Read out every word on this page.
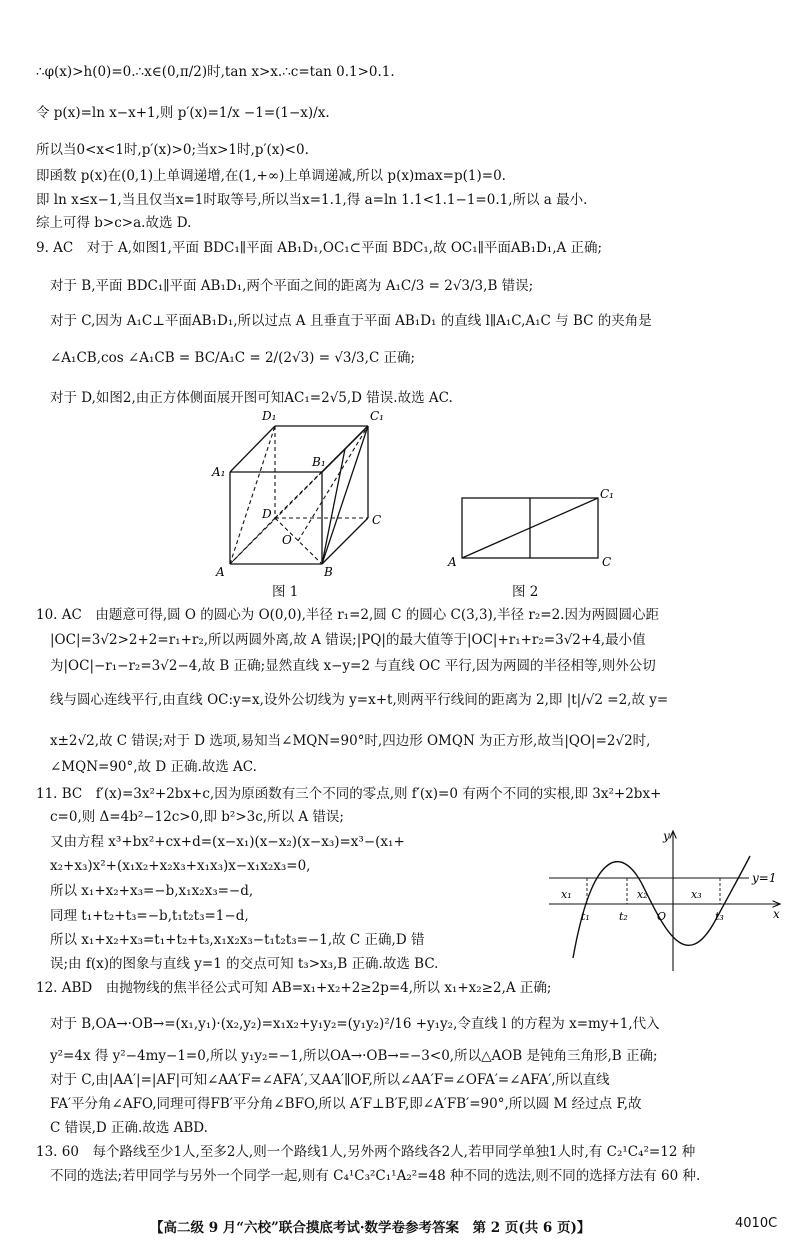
∴φ(x)>h(0)=0.∴x∈(0,π/2)时,tan x>x.∴c=tan 0.1>0.1.
令 p(x)=ln x−x+1,则 p′(x)=1/x −1=(1−x)/x.
所以当0<x<1时,p′(x)>0;当x>1时,p′(x)<0.
即函数 p(x)在(0,1)上单调递增,在(1,+∞)上单调递减,所以 p(x)max=p(1)=0.
即 ln x≤x−1,当且仅当x=1时取等号,所以当x=1.1,得 a=ln 1.1<1.1−1=0.1,所以 a 最小.
综上可得 b>c>a.故选 D.
9. AC　对于 A,如图1,平面 BDC₁∥平面 AB₁D₁,OC₁⊂平面 BDC₁,故 OC₁∥平面AB₁D₁,A 正确;
对于 B,平面 BDC₁∥平面 AB₁D₁,两个平面之间的距离为 A₁C/3 = 2√3/3,B 错误;
对于 C,因为 A₁C⊥平面AB₁D₁,所以过点 A 且垂直于平面 AB₁D₁ 的直线 l∥A₁C,A₁C 与 BC 的夹角是
∠A₁CB,cos ∠A₁CB = BC/A₁C = 2/(2√3) = √3/3,C 正确;
对于 D,如图2,由正方体侧面展开图可知AC₁=2√5,D 错误.故选 AC.
D₁	C₁
A₁
B₁
D	C
O
A	B
图 1
C₁
A	C
图 2
10. AC　由题意可得,圆 O 的圆心为 O(0,0),半径 r₁=2,圆 C 的圆心 C(3,3),半径 r₂=2.因为两圆圆心距
|OC|=3√2>2+2=r₁+r₂,所以两圆外离,故 A 错误;|PQ|的最大值等于|OC|+r₁+r₂=3√2+4,最小值
为|OC|−r₁−r₂=3√2−4,故 B 正确;显然直线 x−y=2 与直线 OC 平行,因为两圆的半径相等,则外公切
线与圆心连线平行,由直线 OC:y=x,设外公切线为 y=x+t,则两平行线间的距离为 2,即 |t|/√2 =2,故 y=
x±2√2,故 C 错误;对于 D 选项,易知当∠MQN=90°时,四边形 OMQN 为正方形,故当|QO|=2√2时,
∠MQN=90°,故 D 正确.故选 AC.
11. BC　f′(x)=3x²+2bx+c,因为原函数有三个不同的零点,则 f′(x)=0 有两个不同的实根,即 3x²+2bx+
c=0,则 Δ=4b²−12c>0,即 b²>3c,所以 A 错误;
又由方程 x³+bx²+cx+d=(x−x₁)(x−x₂)(x−x₃)=x³−(x₁+
x₂+x₃)x²+(x₁x₂+x₂x₃+x₁x₃)x−x₁x₂x₃=0,
所以 x₁+x₂+x₃=−b,x₁x₂x₃=−d,
同理 t₁+t₂+t₃=−b,t₁t₂t₃=1−d,
所以 x₁+x₂+x₃=t₁+t₂+t₃,x₁x₂x₃−t₁t₂t₃=−1,故 C 正确,D 错
误;由 f(x)的图象与直线 y=1 的交点可知 t₃>x₃,B 正确.故选 BC.
y
y=1
x
x₁	x₂	x₃
t₁	t₂	O	t₃
12. ABD　由抛物线的焦半径公式可知 AB=x₁+x₂+2≥2p=4,所以 x₁+x₂≥2,A 正确;
对于 B,OA→·OB→=(x₁,y₁)·(x₂,y₂)=x₁x₂+y₁y₂=(y₁y₂)²/16 +y₁y₂,令直线 l 的方程为 x=my+1,代入
y²=4x 得 y²−4my−1=0,所以 y₁y₂=−1,所以OA→·OB→=−3<0,所以△AOB 是钝角三角形,B 正确;
对于 C,由|AA′|=|AF|可知∠AA′F=∠AFA′,又AA′∥OF,所以∠AA′F=∠OFA′=∠AFA′,所以直线
FA′平分角∠AFO,同理可得FB′平分角∠BFO,所以 A′F⊥B′F,即∠A′FB′=90°,所以圆 M 经过点 F,故
C 错误,D 正确.故选 ABD.
13. 60　每个路线至少1人,至多2人,则一个路线1人,另外两个路线各2人,若甲同学单独1人时,有 C₂¹C₄²=12 种
不同的选法;若甲同学与另外一个同学一起,则有 C₄¹C₃²C₁¹A₂²=48 种不同的选法,则不同的选择方法有 60 种.
【高二级 9 月“六校”联合摸底考试·数学卷参考答案　第 2 页(共 6 页)】	4010C
